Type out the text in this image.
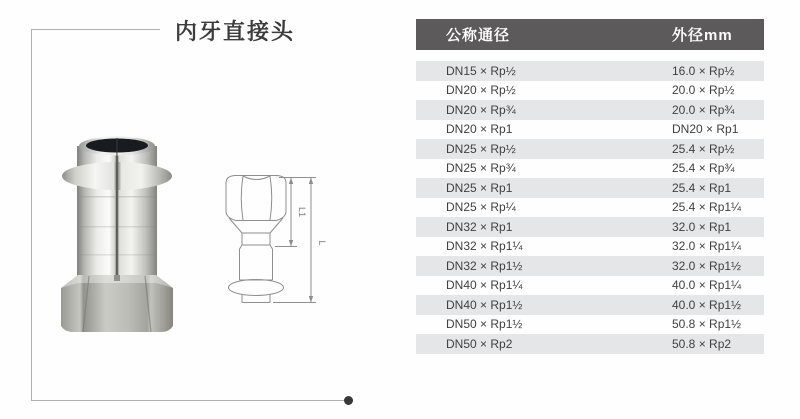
内牙直接头
L1
L
公称通径	外径mm
DN15 × Rp½	16.0 × Rp½
DN20 × Rp½	20.0 × Rp½
DN20 × Rp¾	20.0 × Rp¾
DN20 × Rp1	DN20 × Rp1
DN25 × Rp½	25.4 × Rp½
DN25 × Rp¾	25.4 × Rp¾
DN25 × Rp1	25.4 × Rp1
DN25 × Rp¼	25.4 × Rp1¼
DN32 × Rp1	32.0 × Rp1
DN32 × Rp1¼	32.0 × Rp1¼
DN32 × Rp1½	32.0 × Rp1½
DN40 × Rp1¼	40.0 × Rp1¼
DN40 × Rp1½	40.0 × Rp1½
DN50 × Rp1½	50.8 × Rp1½
DN50 × Rp2	50.8 × Rp2
